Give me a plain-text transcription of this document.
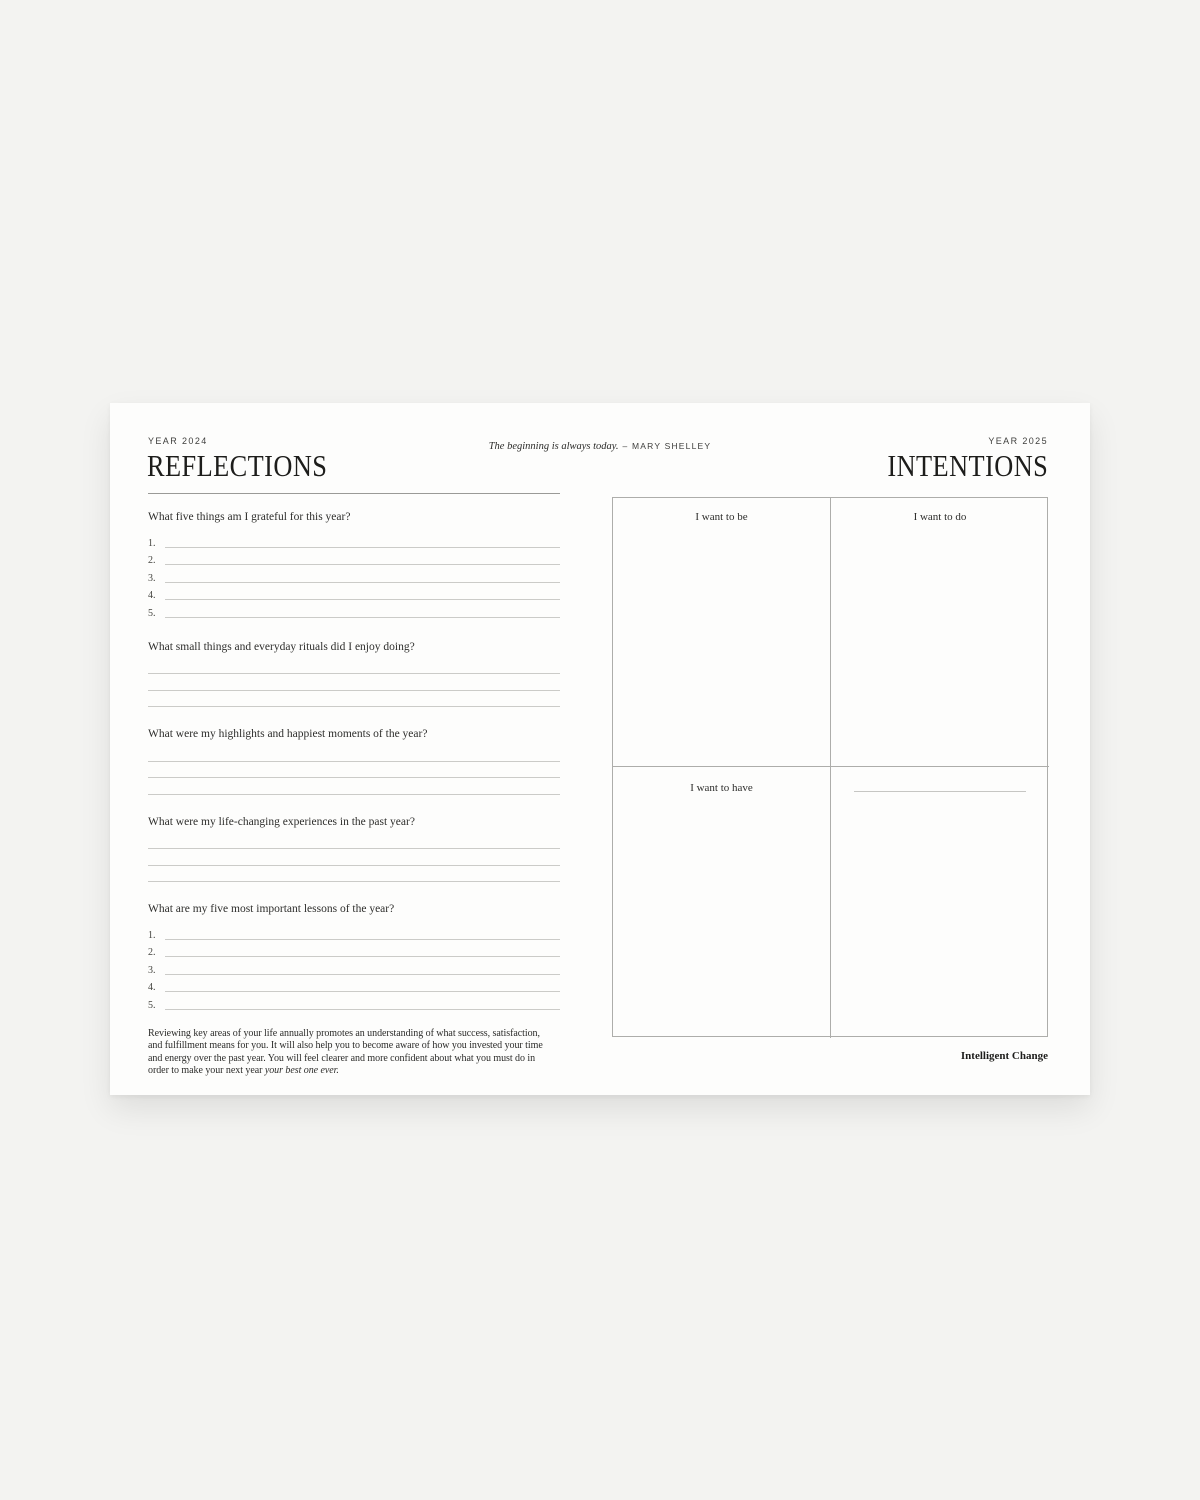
YEAR 2024
REFLECTIONS
The beginning is always today. – MARY SHELLEY	YEAR 2025
INTENTIONS
What five things am I grateful for this year?
1.
2.
3.
4.
5.
What small things and everyday rituals did I enjoy doing?
What were my highlights and happiest moments of the year?
What were my life-changing experiences in the past year?
What are my five most important lessons of the year?
1.
2.
3.
4.
5.
Reviewing key areas of your life annually promotes an understanding of what success, satisfaction,
and fulfillment means for you. It will also help you to become aware of how you invested your time
and energy over the past year. You will feel clearer and more confident about what you must do in
order to make your next year your best one ever.
I want to be	I want to do
I want to have
Intelligent Change
